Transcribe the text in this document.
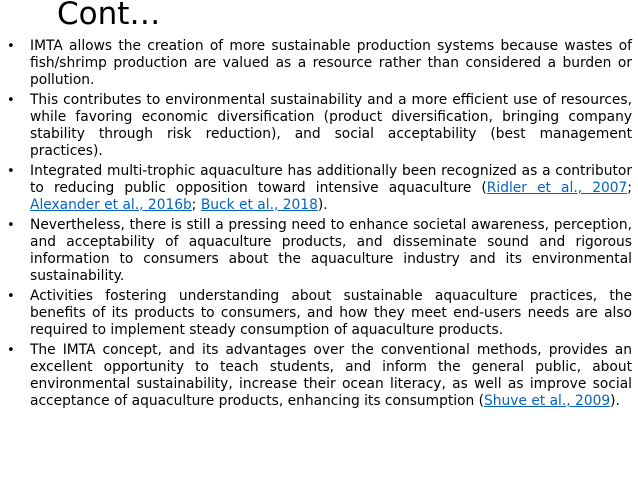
Cont…
• IMTA allows the creation of more sustainable production systems because wastes of fish/shrimp production are valued as a resource rather than considered a burden or pollution.
• This contributes to environmental sustainability and a more efficient use of resources, while favoring economic diversification (product diversification, bringing company stability through risk reduction), and social acceptability (best management practices).
• Integrated multi-trophic aquaculture has additionally been recognized as a contributor to reducing public opposition toward intensive aquaculture (Ridler et al., 2007; Alexander et al., 2016b; Buck et al., 2018).
• Nevertheless, there is still a pressing need to enhance societal awareness, perception, and acceptability of aquaculture products, and disseminate sound and rigorous information to consumers about the aquaculture industry and its environmental sustainability.
• Activities fostering understanding about sustainable aquaculture practices, the benefits of its products to consumers, and how they meet end-users needs are also required to implement steady consumption of aquaculture products.
• The IMTA concept, and its advantages over the conventional methods, provides an excellent opportunity to teach students, and inform the general public, about environmental sustainability, increase their ocean literacy, as well as improve social acceptance of aquaculture products, enhancing its consumption (Shuve et al., 2009).
